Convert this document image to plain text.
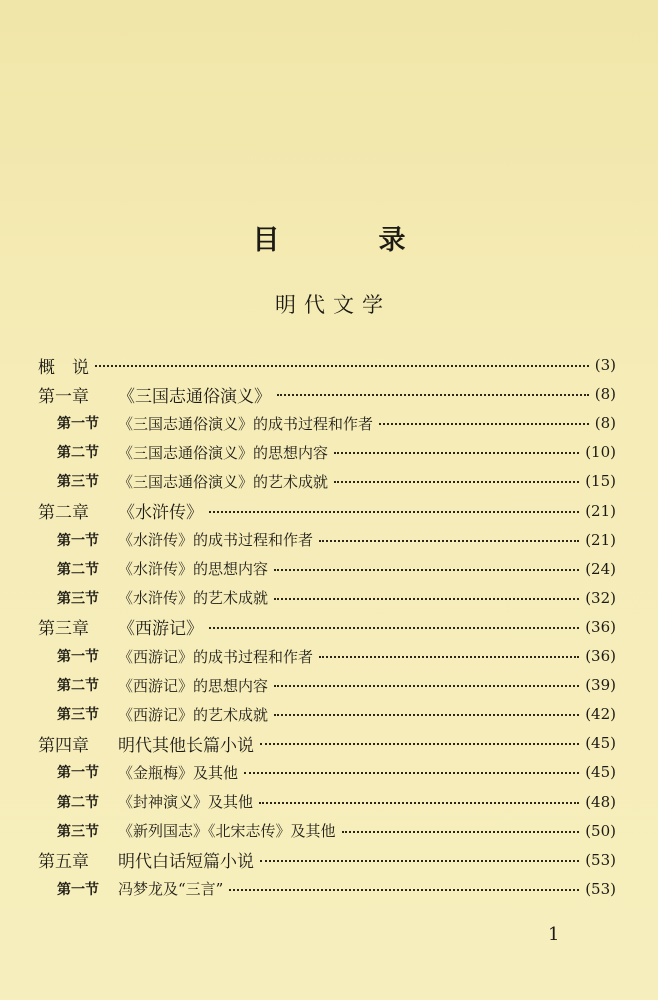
目　录
明代文学
概　说	(3)
第一章 《三国志通俗演义》	(8)
第一节 《三国志通俗演义》的成书过程和作者	(8)
第二节 《三国志通俗演义》的思想内容	(10)
第三节 《三国志通俗演义》的艺术成就	(15)
第二章 《水浒传》	(21)
第一节 《水浒传》的成书过程和作者	(21)
第二节 《水浒传》的思想内容	(24)
第三节 《水浒传》的艺术成就	(32)
第三章 《西游记》	(36)
第一节 《西游记》的成书过程和作者	(36)
第二节 《西游记》的思想内容	(39)
第三节 《西游记》的艺术成就	(42)
第四章 明代其他长篇小说	(45)
第一节 《金瓶梅》及其他	(45)
第二节 《封神演义》及其他	(48)
第三节 《新列国志》《北宋志传》及其他	(50)
第五章 明代白话短篇小说	(53)
第一节 冯梦龙及“三言”	(53)
1
